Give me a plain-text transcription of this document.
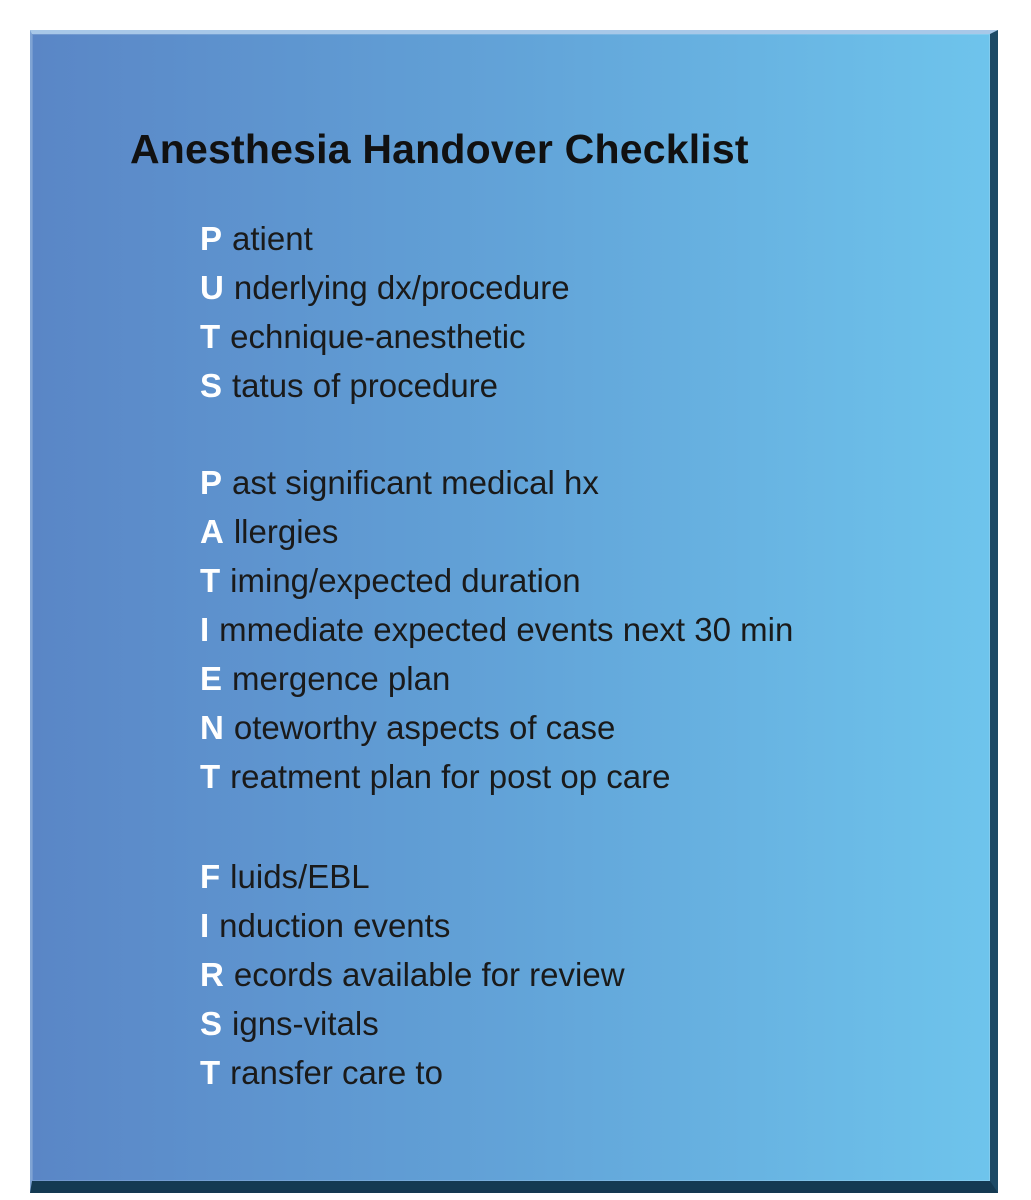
Anesthesia Handover Checklist
P atient
U nderlying dx/procedure
T echnique-anesthetic
S tatus of procedure
P ast significant medical hx
A llergies
T iming/expected duration
I mmediate expected events next 30 min
E mergence plan
N oteworthy aspects of case
T reatment plan for post op care
F luids/EBL
I nduction events
R ecords available for review
S igns-vitals
T ransfer care to
